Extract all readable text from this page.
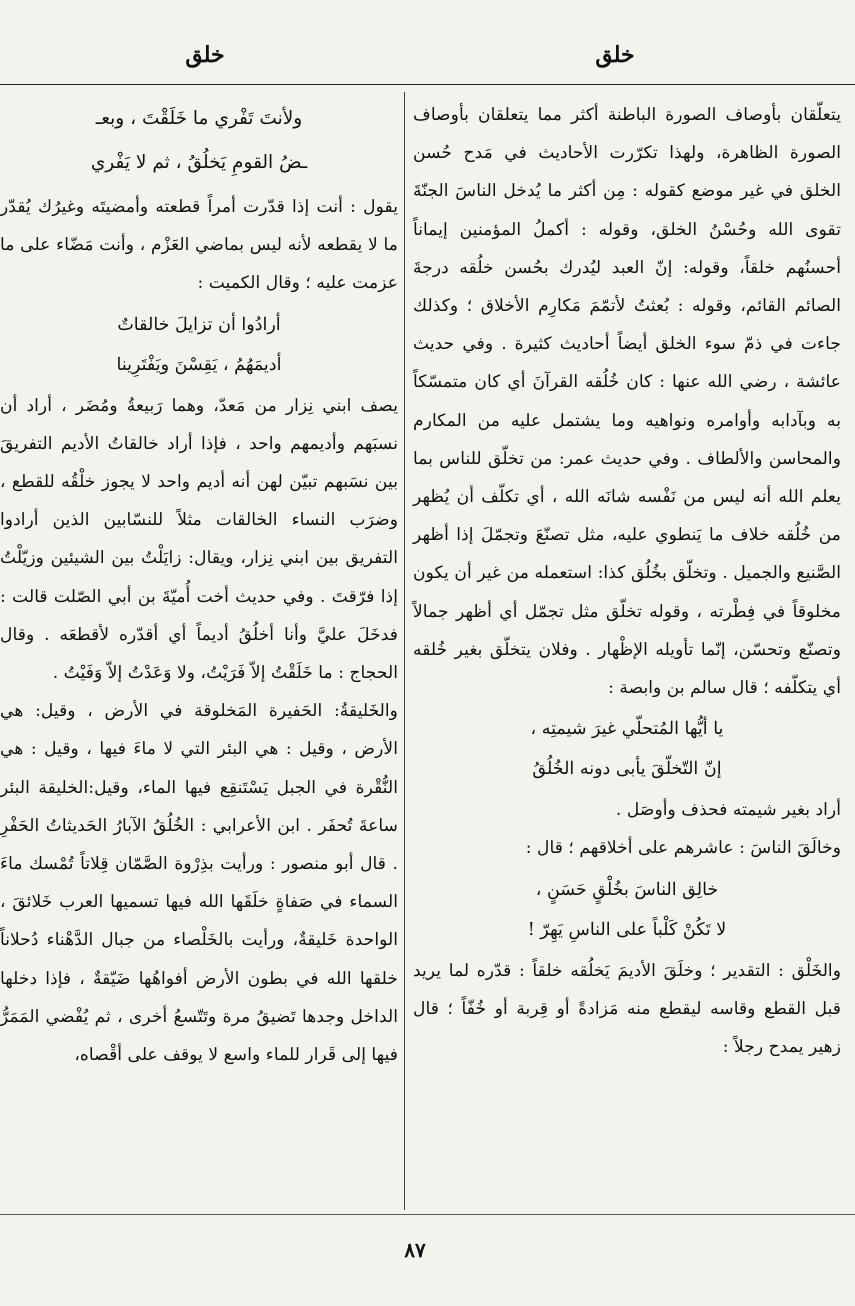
خلق
خلق

يتعلّقان بأوصاف الصورة الباطنة أكثر مما يتعلقان بأوصاف الصورة الظاهرة، ولهذا تكرّرت الأحاديث في مَدح حُسن الخلق في غير موضع كقوله : مِن أكثر ما يُدخل الناسَ الجنّةَ تقوى الله وحُسْنُ الخلق، وقوله : أكملُ المؤمنين إيماناً أحسنُهم خلقاً، وقوله: إنّ العبد ليُدرك بحُسن خلُقه درجةَ الصائم القائم، وقوله : بُعثتُ لأتمّمَ مَكارِم الأخلاق ؛ وكذلك جاءت في ذمّ سوء الخلق أيضاً أحاديث كثيرة . وفي حديث عائشة ، رضي الله عنها : كان خُلُقه القرآنَ أي كان متمسّكاً به وبآدابه وأوامره ونواهيه وما يشتمل عليه من المكارم والمحاسن والألطاف . وفي حديث عمر: من تخلّق للناس بما يعلم الله أنه ليس من نَفْسه شانَه الله ، أي تكلّف أن يُظهر من خُلُقه خلاف ما يَنطوي عليه، مثل تصنّعَ وتجمّلَ إذا أظهر الصَّنيع والجميل . وتخلّق بخُلُق كذا: استعمله من غير أن يكون مخلوقاً في فِطْرته ، وقوله تخلّق مثل تجمّل أي أظهر جمالاً وتصنّع وتحسّن، إنّما تأويله الإظْهار . وفلان يتخلّق بغير خُلقه أي يتكلّفه ؛ قال سالم بن وابصة :

يا أيُّها المُتحلّي غيرَ شيمتِه ،

إنّ التّخلّقَ يأبى دونه الخُلُقُ

أراد بغير شيمته فحذف وأوصَل .

وخالَقَ الناسَ : عاشرهم على أخلاقهم ؛ قال :

خالِق الناسَ بخُلْقٍ حَسَنٍ ،

لا تَكُنْ كَلْباً على الناسِ يَهِرّ !

والخَلْق : التقدير ؛ وخلَقَ الأديمَ يَخلُقه خلقاً : قدّره لما يريد قبل القطع وقاسه ليقطع منه مَزادةً أو قِربة أو خُفّاً ؛ قال زهير يمدح رجلاً :

ولأنتَ تَفْري ما خَلَقْتَ ، وبعـ

ـضُ القومِ يَخلُقُ ، ثم لا يَفْري

يقول : أنت إذا قدّرت أمراً قطعته وأمضيتَه وغيرُك يُقدّر ما لا يقطعه لأنه ليس بماضي العَزْم ، وأنت مَضّاء على ما عزمت عليه ؛ وقال الكميت :

أرادُوا أن تزايلَ خالقاتٌ

أديمَهُمُ ، يَقِسْنَ ويَفْتَرِينا

يصف ابني نِزار من مَعدّ، وهما رَبيعةُ ومُضَر ، أراد أن نسبَهم وأديمهم واحد ، فإذا أراد خالقاتُ الأديم التفريقَ بين نسَبهم تبيّن لهن أنه أديم واحد لا يجوز خلْقُه للقطع ، وضرَب النساء الخالقات مثلاً للنسّابين الذين أرادوا التفريق بين ابني نِزار، ويقال: زايَلْتُ بين الشيئين وزيّلْتُ إذا فرّقتَ . وفي حديث أخت أُميّةَ بن أبي الصّلت قالت : فدخَلَ عليَّ وأنا أخلُقُ أديماً أي أقدّره لأقطعَه . وقال الحجاج : ما خَلَقْتُ إلاّ فَرَيْتُ، ولا وَعَدْتُ إلاّ وَفَيْتُ .

والخَليقةُ: الحَفيرة المَخلوقة في الأرض ، وقيل: هي الأرض ، وقيل : هي البئر التي لا ماءَ فيها ، وقيل : هي النُّقْرة في الجبل يَسْتَنقِع فيها الماء، وقيل:الخليقة البئر ساعةَ تُحفَر . ابن الأعرابي : الخُلُقُ الآبارُ الحَديثاتُ الحَفْرِ . قال أبو منصور : ورأيت بذِرْوة الصَّمّان قِلاتاً تُمْسك ماءَ السماء في صَفاةٍ خلَقَها الله فيها تسميها العرب خَلائقَ ، الواحدة خَليقةٌ، ورأيت بالخَلْصاء من جبال الدَّهْناء دُحلاناً خلقها الله في بطون الأرض أفواهُها ضَيّقةٌ ، فإذا دخلها الداخل وجدها تَضيقُ مرة وتَتّسعُ أخرى ، ثم يُفْضي المَمَرُّ فيها إلى قَرار للماء واسع لا يوقف على أقْصاه،

٨٧
